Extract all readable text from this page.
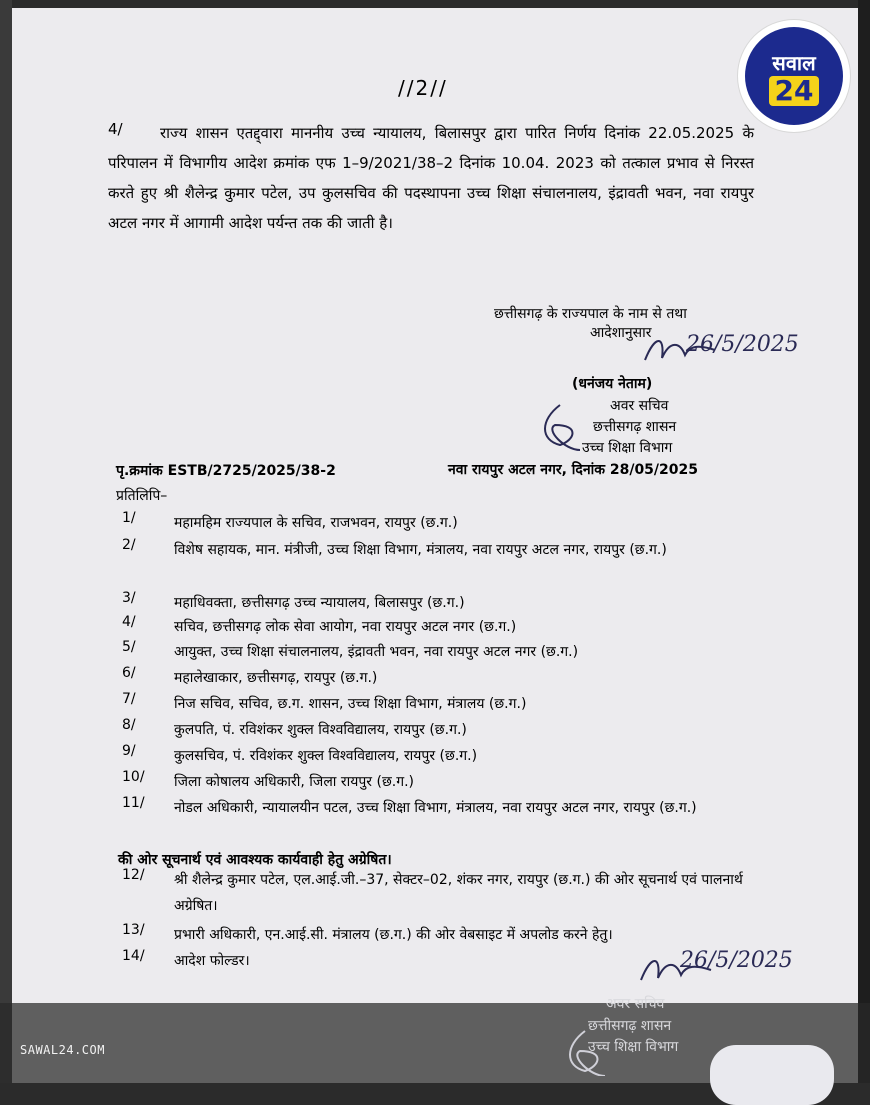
//2//
4/	राज्य शासन एतद्द्वारा माननीय उच्च न्यायालय, बिलासपुर द्वारा पारित निर्णय दिनांक 22.05.2025 के परिपालन में विभागीय आदेश क्रमांक एफ 1–9/2021/38–2 दिनांक 10.04. 2023 को तत्काल प्रभाव से निरस्त करते हुए श्री शैलेन्द्र कुमार पटेल, उप कुलसचिव की पदस्थापना उच्च शिक्षा संचालनालय, इंद्रावती भवन, नवा रायपुर अटल नगर में आगामी आदेश पर्यन्त तक की जाती है।
छत्तीसगढ़ के राज्यपाल के नाम से तथा
आदेशानुसार 26/5/2025
(धनंजय नेताम)
अवर सचिव
छत्तीसगढ़ शासन
उच्च शिक्षा विभाग
पृ.क्रमांक ESTB/2725/2025/38-2	नवा रायपुर अटल नगर, दिनांक 28/05/2025
प्रतिलिपि–
1/	महामहिम राज्यपाल के सचिव, राजभवन, रायपुर (छ.ग.)
2/	विशेष सहायक, मान. मंत्रीजी, उच्च शिक्षा विभाग, मंत्रालय, नवा रायपुर अटल नगर, रायपुर (छ.ग.)
3/	महाधिवक्ता, छत्तीसगढ़ उच्च न्यायालय, बिलासपुर (छ.ग.)
4/	सचिव, छत्तीसगढ़ लोक सेवा आयोग, नवा रायपुर अटल नगर (छ.ग.)
5/	आयुक्त, उच्च शिक्षा संचालनालय, इंद्रावती भवन, नवा रायपुर अटल नगर (छ.ग.)
6/	महालेखाकार, छत्तीसगढ़, रायपुर (छ.ग.)
7/	निज सचिव, सचिव, छ.ग. शासन, उच्च शिक्षा विभाग, मंत्रालय (छ.ग.)
8/	कुलपति, पं. रविशंकर शुक्ल विश्वविद्यालय, रायपुर (छ.ग.)
9/	कुलसचिव, पं. रविशंकर शुक्ल विश्वविद्यालय, रायपुर (छ.ग.)
10/	जिला कोषालय अधिकारी, जिला रायपुर (छ.ग.)
11/	नोडल अधिकारी, न्यायालयीन पटल, उच्च शिक्षा विभाग, मंत्रालय, नवा रायपुर अटल नगर, रायपुर (छ.ग.)
की ओर सूचनार्थ एवं आवश्यक कार्यवाही हेतु अग्रेषित।
12/	श्री शैलेन्द्र कुमार पटेल, एल.आई.जी.–37, सेक्टर–02, शंकर नगर, रायपुर (छ.ग.) की ओर सूचनार्थ एवं पालनार्थ अग्रेषित।
13/	प्रभारी अधिकारी, एन.आई.सी. मंत्रालय (छ.ग.) की ओर वेबसाइट में अपलोड करने हेतु।
14/	आदेश फोल्डर।	26/5/2025
अवर सचिव
छत्तीसगढ़ शासन
उच्च शिक्षा विभाग
SAWAL24.COM
सवाल
24
